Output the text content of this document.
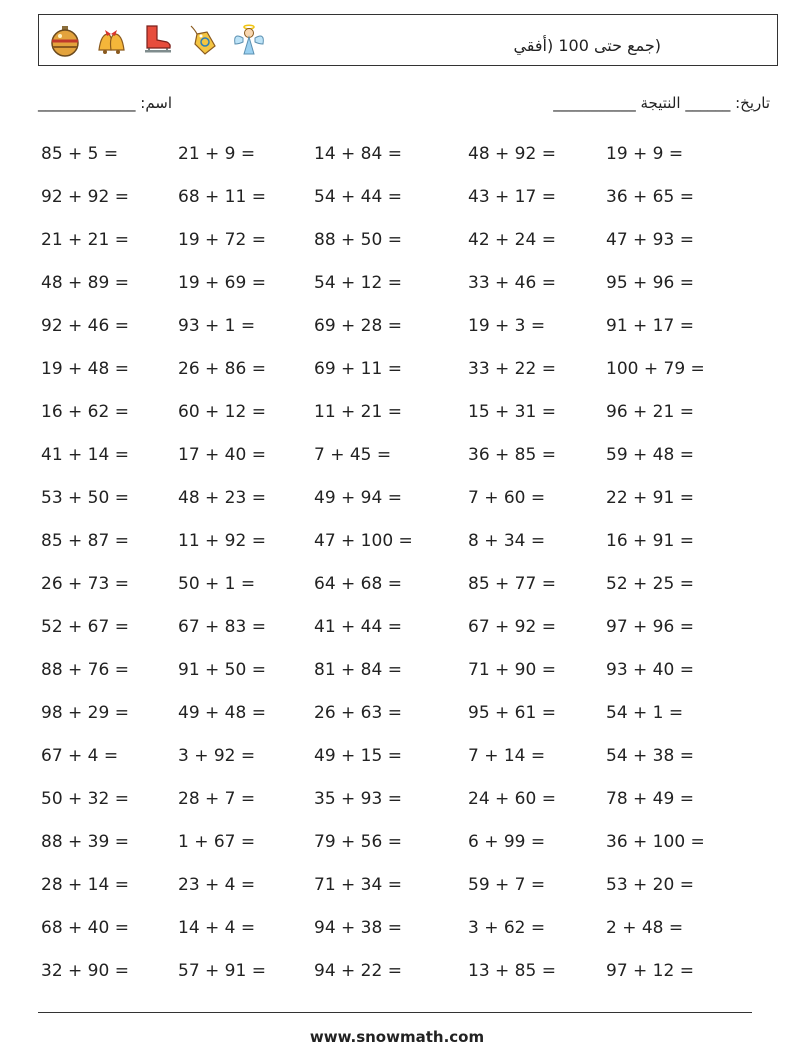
(جمع حتى 100 (أفقي
اسم: _____________	تاريخ: ______ النتيجة ___________
85 + 5 =	21 + 9 =	14 + 84 =	48 + 92 =	19 + 9 =
92 + 92 =	68 + 11 =	54 + 44 =	43 + 17 =	36 + 65 =
21 + 21 =	19 + 72 =	88 + 50 =	42 + 24 =	47 + 93 =
48 + 89 =	19 + 69 =	54 + 12 =	33 + 46 =	95 + 96 =
92 + 46 =	93 + 1 =	69 + 28 =	19 + 3 =	91 + 17 =
19 + 48 =	26 + 86 =	69 + 11 =	33 + 22 =	100 + 79 =
16 + 62 =	60 + 12 =	11 + 21 =	15 + 31 =	96 + 21 =
41 + 14 =	17 + 40 =	7 + 45 =	36 + 85 =	59 + 48 =
53 + 50 =	48 + 23 =	49 + 94 =	7 + 60 =	22 + 91 =
85 + 87 =	11 + 92 =	47 + 100 =	8 + 34 =	16 + 91 =
26 + 73 =	50 + 1 =	64 + 68 =	85 + 77 =	52 + 25 =
52 + 67 =	67 + 83 =	41 + 44 =	67 + 92 =	97 + 96 =
88 + 76 =	91 + 50 =	81 + 84 =	71 + 90 =	93 + 40 =
98 + 29 =	49 + 48 =	26 + 63 =	95 + 61 =	54 + 1 =
67 + 4 =	3 + 92 =	49 + 15 =	7 + 14 =	54 + 38 =
50 + 32 =	28 + 7 =	35 + 93 =	24 + 60 =	78 + 49 =
88 + 39 =	1 + 67 =	79 + 56 =	6 + 99 =	36 + 100 =
28 + 14 =	23 + 4 =	71 + 34 =	59 + 7 =	53 + 20 =
68 + 40 =	14 + 4 =	94 + 38 =	3 + 62 =	2 + 48 =
32 + 90 =	57 + 91 =	94 + 22 =	13 + 85 =	97 + 12 =
www.snowmath.com
